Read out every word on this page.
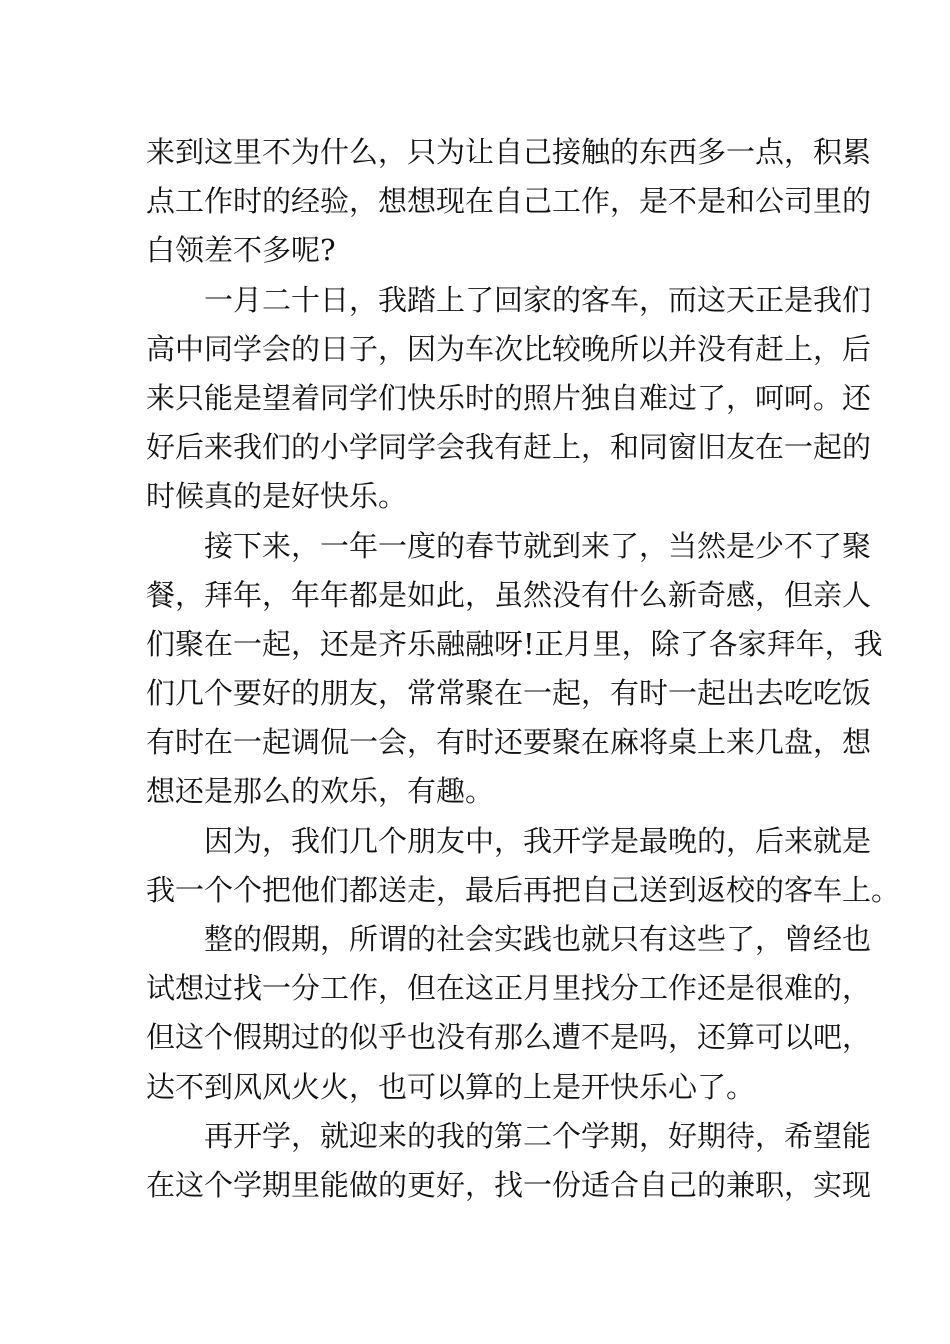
来到这里不为什么，只为让自己接触的东西多一点，积累
点工作时的经验，想想现在自己工作，是不是和公司里的
白领差不多呢?
一月二十日，我踏上了回家的客车，而这天正是我们
高中同学会的日子，因为车次比较晚所以并没有赶上，后
来只能是望着同学们快乐时的照片独自难过了，呵呵。还
好后来我们的小学同学会我有赶上，和同窗旧友在一起的
时候真的是好快乐。
接下来，一年一度的春节就到来了，当然是少不了聚
餐，拜年，年年都是如此，虽然没有什么新奇感，但亲人
们聚在一起，还是齐乐融融呀!正月里，除了各家拜年，我
们几个要好的朋友，常常聚在一起，有时一起出去吃吃饭
有时在一起调侃一会，有时还要聚在麻将桌上来几盘，想
想还是那么的欢乐，有趣。
因为，我们几个朋友中，我开学是最晚的，后来就是
我一个个把他们都送走，最后再把自己送到返校的客车上。
整的假期，所谓的社会实践也就只有这些了，曾经也
试想过找一分工作，但在这正月里找分工作还是很难的，
但这个假期过的似乎也没有那么遭不是吗，还算可以吧，
达不到风风火火，也可以算的上是开快乐心了。
再开学，就迎来的我的第二个学期，好期待，希望能
在这个学期里能做的更好，找一份适合自己的兼职，实现
